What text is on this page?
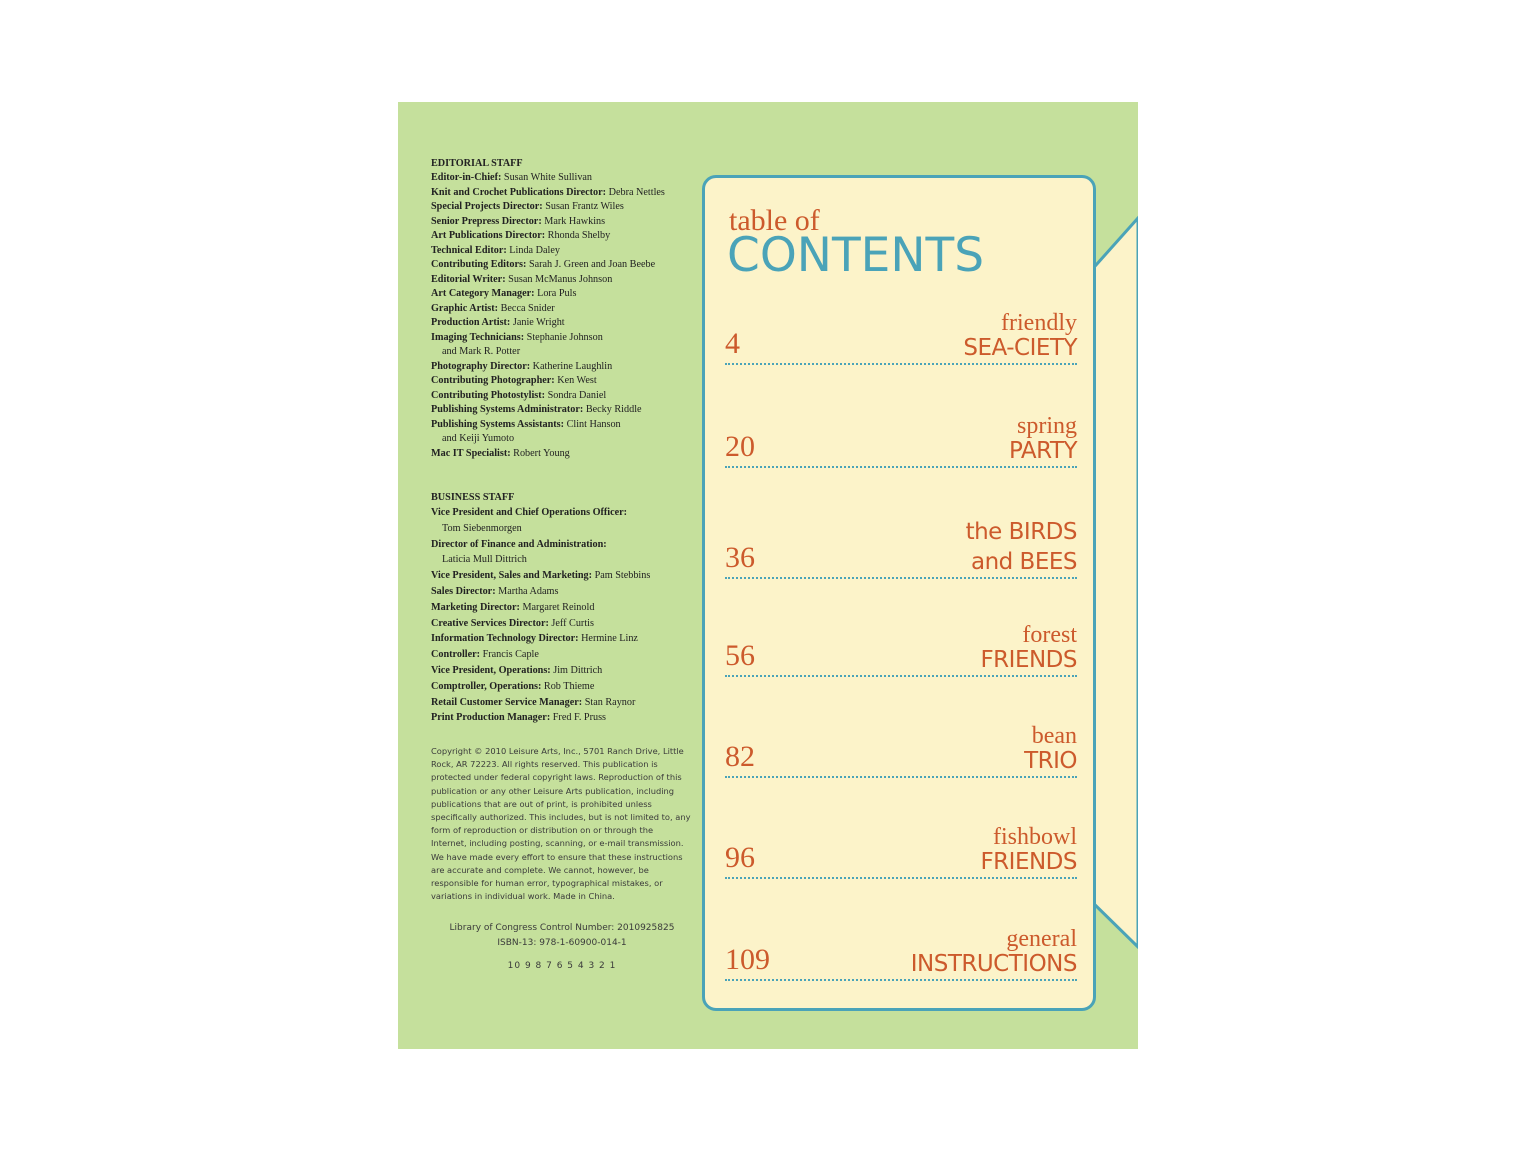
EDITORIAL STAFF
Editor-in-Chief: Susan White Sullivan
Knit and Crochet Publications Director: Debra Nettles
Special Projects Director: Susan Frantz Wiles
Senior Prepress Director: Mark Hawkins
Art Publications Director: Rhonda Shelby
Technical Editor: Linda Daley
Contributing Editors: Sarah J. Green and Joan Beebe
Editorial Writer: Susan McManus Johnson
Art Category Manager: Lora Puls
Graphic Artist: Becca Snider
Production Artist: Janie Wright
Imaging Technicians: Stephanie Johnson
and Mark R. Potter
Photography Director: Katherine Laughlin
Contributing Photographer: Ken West
Contributing Photostylist: Sondra Daniel
Publishing Systems Administrator: Becky Riddle
Publishing Systems Assistants: Clint Hanson
and Keiji Yumoto
Mac IT Specialist: Robert Young
BUSINESS STAFF
Vice President and Chief Operations Officer:
Tom Siebenmorgen
Director of Finance and Administration:
Laticia Mull Dittrich
Vice President, Sales and Marketing: Pam Stebbins
Sales Director: Martha Adams
Marketing Director: Margaret Reinold
Creative Services Director: Jeff Curtis
Information Technology Director: Hermine Linz
Controller: Francis Caple
Vice President, Operations: Jim Dittrich
Comptroller, Operations: Rob Thieme
Retail Customer Service Manager: Stan Raynor
Print Production Manager: Fred F. Pruss
Copyright © 2010 Leisure Arts, Inc., 5701 Ranch Drive, Little Rock, AR 72223. All rights reserved. This publication is protected under federal copyright laws. Reproduction of this publication or any other Leisure Arts publication, including publications that are out of print, is prohibited unless specifically authorized. This includes, but is not limited to, any form of reproduction or distribution on or through the Internet, including posting, scanning, or e-mail transmission. We have made every effort to ensure that these instructions are accurate and complete. We cannot, however, be responsible for human error, typographical mistakes, or variations in individual work. Made in China.
Library of Congress Control Number: 2010925825
ISBN-13: 978-1-60900-014-1
10 9 8 7 6 5 4 3 2 1
table of
CONTENTS
4
friendly
SEA-CIETY
20
spring
PARTY
36
the BIRDS
and BEES
56
forest
FRIENDS
82
bean
TRIO
96
fishbowl
FRIENDS
109
general
INSTRUCTIONS
